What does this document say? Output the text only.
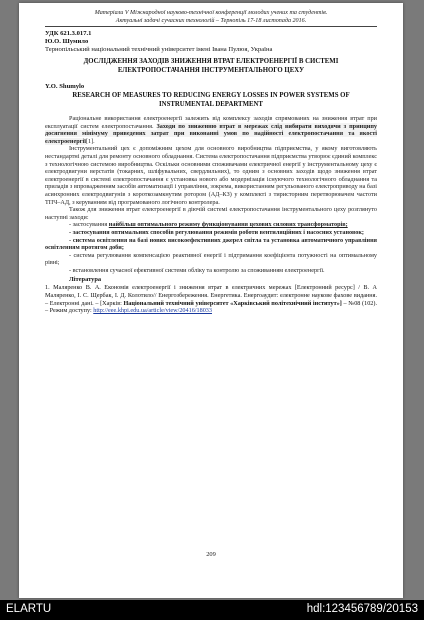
Матеріали V Міжнародної науково-технічної конференції молодих учених та студентів.
Актуальні задачі сучасних технологій – Тернопіль 17-18 листопада 2016.
УДК 621.3.017.1
Ю.О. Шумило
Тернопільський національний технічний університет імені Івана Пулюя, Україна
ДОСЛІДЖЕННЯ ЗАХОДІВ ЗНИЖЕННЯ ВТРАТ ЕЛЕКТРОЕНЕРГІЇ В СИСТЕМІ ЕЛЕКТРОПОСТАЧАННЯ ІНСТРУМЕНТАЛЬНОГО ЦЕХУ
Y.O. Shumylo
RESEARCH OF MEASURES TO REDUCING ENERGY LOSSES IN POWER SYSTEMS OF INSTRUMENTAL DEPARTMENT

Раціональне використання електроенергії залежить від комплексу заходів спрямованих на зниження втрат при експлуатації систем електропостачання. Заходи по зниженню втрат в мережах слід вибирати виходячи з принципу досягнення мінімуму приведених затрат при виконанні умов по надійності електропостачання та якості електроенергії[1].

Інструментальний цех є допоміжним цехом для основного виробництва підприємства, у якому виготовляють нестандартні деталі для ремонту основного обладнання. Система електропостачання підприємства утворює єдиний комплекс з технологічною системою виробництва. Оскільки основними споживачами електричної енергії у інструментальному цеху є електродвигуни верстатів (токарних, шліфувальних, свердлильних), то одним з основних заходів щодо зниження втрат електроенергії в системі електропостачання є установка нового або модернізація існуючого технологічного обладнання та приладів з впровадженням засобів автоматизації і управління, зокрема, використанням регульованого електроприводу на базі асинхронних електродвигунів з короткозамкнутим ротором (АД–КЗ) у комплекті з тиристорним перетворювачем частоти ТПЧ–АД, з керуванням від програмованого логічного контролера.

Також для зниження втрат електроенергії в діючій системі електропостачання інструментального цеху розглянуто наступні заходи:

- застосування найбільш оптимального режиму функціонування цехових силових трансформаторів;

- застосування оптимальних способів регулювання режимів роботи вентиляційних і насосних установок;

- система освітлення на базі нових високоефективних джерел світла та установка автоматичного управління освітленням протягом доби;

- система регулювання компенсацією реактивної енергії і підтримання коефіцієнта потужності на оптимальному рівні;

- встановлення сучасної ефективної системи обліку та контролю за споживанням електроенергії.

Література
1. Маляренко В. А. Економія електроенергії і зниження втрат в електричних мережах [Електронний ресурс] / В. А Маляренко, І. С. Щербак, І. Д. Колотило// Енергозбереження. Енергетика. Енергоаудит: електронне наукове фахове видання. – Електронні дані. – [Харків: Національний технічний університет «Харківський політехнічний інститут»] – №08 (102). – Режим доступу: http://eee.khpi.edu.ua/article/view/20416/18033
209
ELARTU	hdl:123456789/20153
